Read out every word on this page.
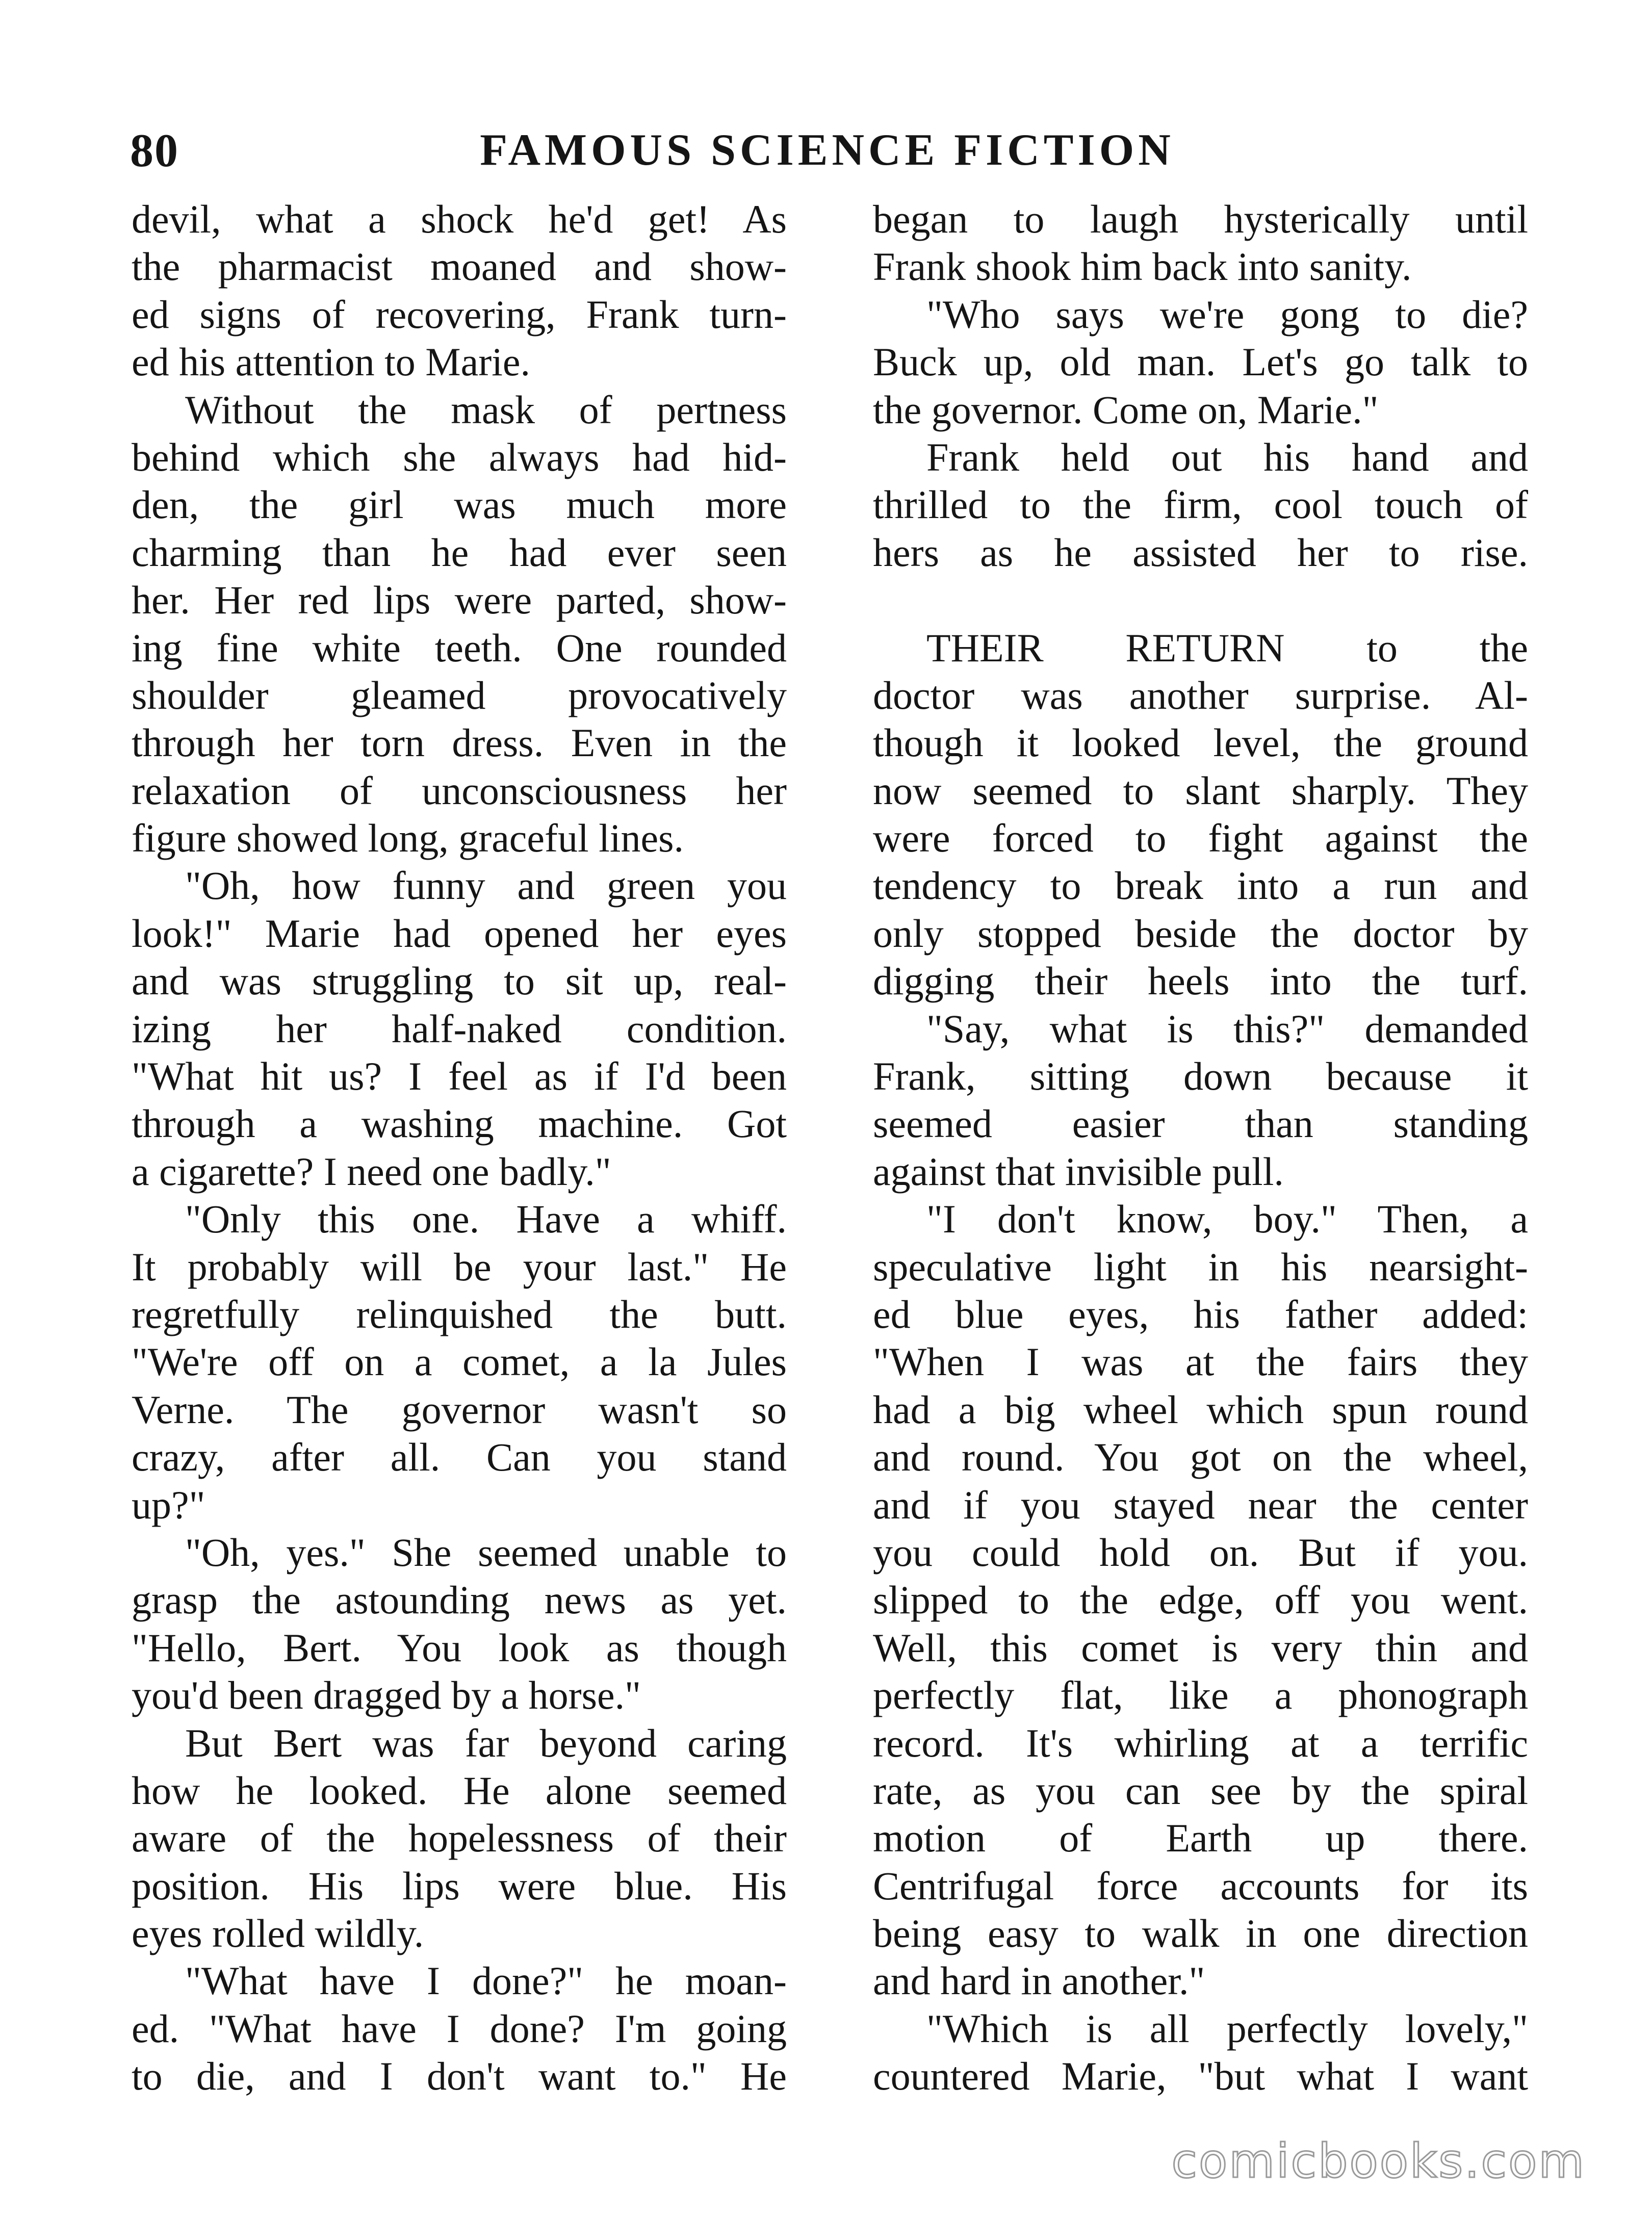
80	FAMOUS SCIENCE FICTION
devil, what a shock he'd get! As
the pharmacist moaned and show-
ed signs of recovering, Frank turn-
ed his attention to Marie.
Without the mask of pertness
behind which she always had hid-
den, the girl was much more
charming than he had ever seen
her. Her red lips were parted, show-
ing fine white teeth. One rounded
shoulder gleamed provocatively
through her torn dress. Even in the
relaxation of unconsciousness her
figure showed long, graceful lines.
"Oh, how funny and green you
look!" Marie had opened her eyes
and was struggling to sit up, real-
izing her half-naked condition.
"What hit us? I feel as if I'd been
through a washing machine. Got
a cigarette? I need one badly."
"Only this one. Have a whiff.
It probably will be your last." He
regretfully relinquished the butt.
"We're off on a comet, a la Jules
Verne. The governor wasn't so
crazy, after all. Can you stand
up?"
"Oh, yes." She seemed unable to
grasp the astounding news as yet.
"Hello, Bert. You look as though
you'd been dragged by a horse."
But Bert was far beyond caring
how he looked. He alone seemed
aware of the hopelessness of their
position. His lips were blue. His
eyes rolled wildly.
"What have I done?" he moan-
ed. "What have I done? I'm going
to die, and I don't want to." He
began to laugh hysterically until
Frank shook him back into sanity.
"Who says we're gong to die?
Buck up, old man. Let's go talk to
the governor. Come on, Marie."
Frank held out his hand and
thrilled to the firm, cool touch of
hers as he assisted her to rise.
THEIR RETURN to the
doctor was another surprise. Al-
though it looked level, the ground
now seemed to slant sharply. They
were forced to fight against the
tendency to break into a run and
only stopped beside the doctor by
digging their heels into the turf.
"Say, what is this?" demanded
Frank, sitting down because it
seemed easier than standing
against that invisible pull.
"I don't know, boy." Then, a
speculative light in his nearsight-
ed blue eyes, his father added:
"When I was at the fairs they
had a big wheel which spun round
and round. You got on the wheel,
and if you stayed near the center
you could hold on. But if you.
slipped to the edge, off you went.
Well, this comet is very thin and
perfectly flat, like a phonograph
record. It's whirling at a terrific
rate, as you can see by the spiral
motion of Earth up there.
Centrifugal force accounts for its
being easy to walk in one direction
and hard in another."
"Which is all perfectly lovely,"
countered Marie, "but what I want
comicbooks.com
